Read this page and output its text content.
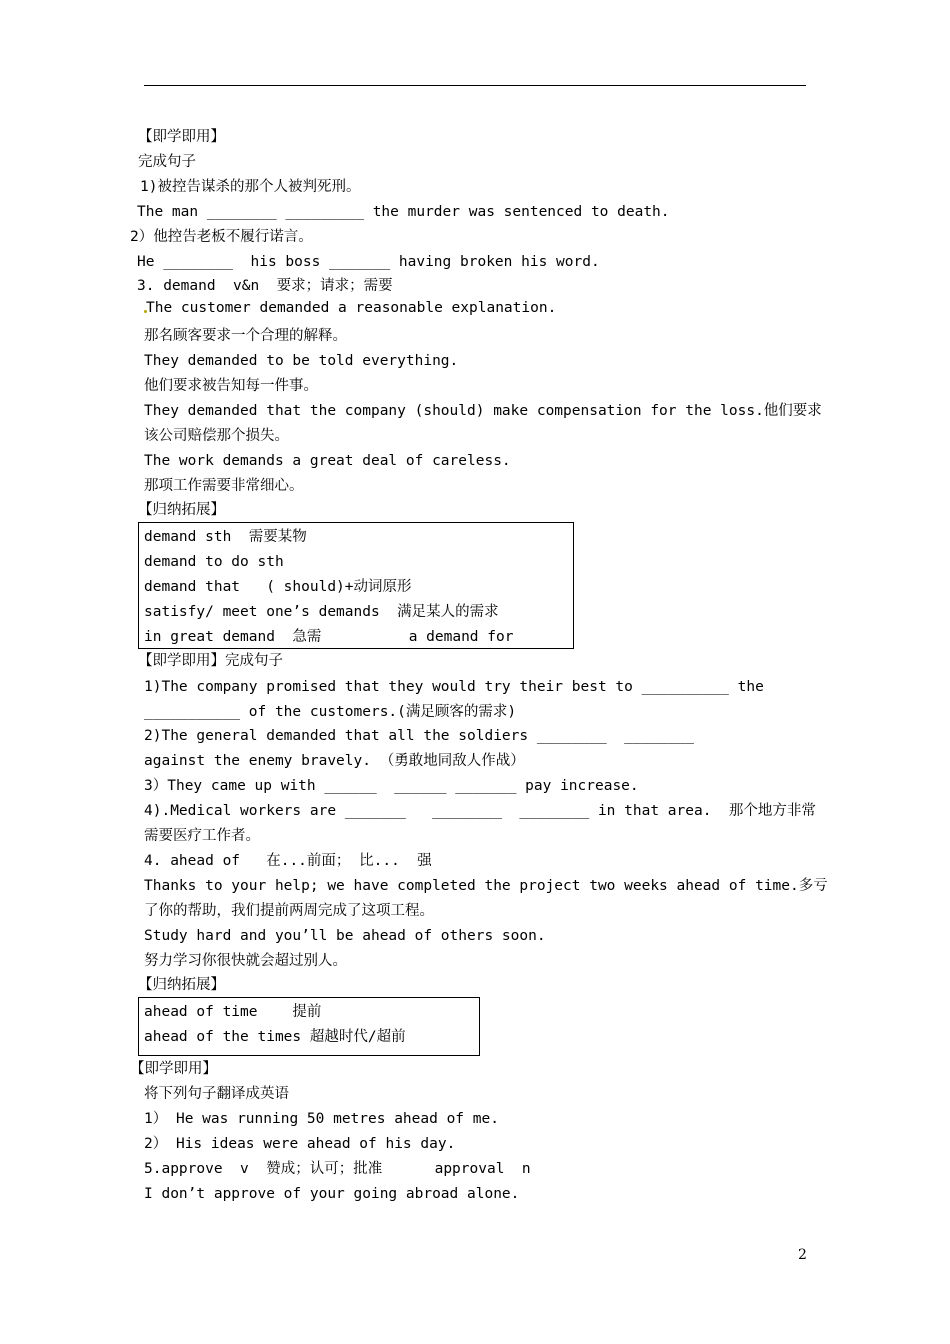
【即学即用】
完成句子
1)被控告谋杀的那个人被判死刑。
The man ________ _________ the murder was sentenced to death.
2）他控告老板不履行诺言。
He ________  his boss _______ having broken his word.
3. demand  v&n  要求；请求；需要
The customer demanded a reasonable explanation.
那名顾客要求一个合理的解释。
They demanded to be told everything.
他们要求被告知每一件事。
They demanded that the company (should) make compensation for the loss.他们要求
该公司赔偿那个损失。
The work demands a great deal of careless.
那项工作需要非常细心。
【归纳拓展】
demand sth  需要某物
demand to do sth
demand that   ( should)+动词原形
satisfy/ meet one’s demands  满足某人的需求
in great demand  急需          a demand for
【即学即用】完成句子
1)The company promised that they would try their best to __________ the
___________ of the customers.(满足顾客的需求)
2)The general demanded that all the soldiers ________  ________
against the enemy bravely. （勇敢地同敌人作战）
3）They came up with ______  ______ _______ pay increase.
4).Medical workers are _______   ________  ________ in that area.  那个地方非常
需要医疗工作者。
4. ahead of   在...前面； 比...  强
Thanks to your help; we have completed the project two weeks ahead of time.多亏
了你的帮助，我们提前两周完成了这项工程。
Study hard and you’ll be ahead of others soon.
努力学习你很快就会超过别人。
【归纳拓展】
ahead of time    提前
ahead of the times 超越时代/超前
【即学即用】
将下列句子翻译成英语
1） He was running 50 metres ahead of me.
2） His ideas were ahead of his day.
5.approve  v  赞成；认可；批准      approval  n
I don’t approve of your going abroad alone.
2
